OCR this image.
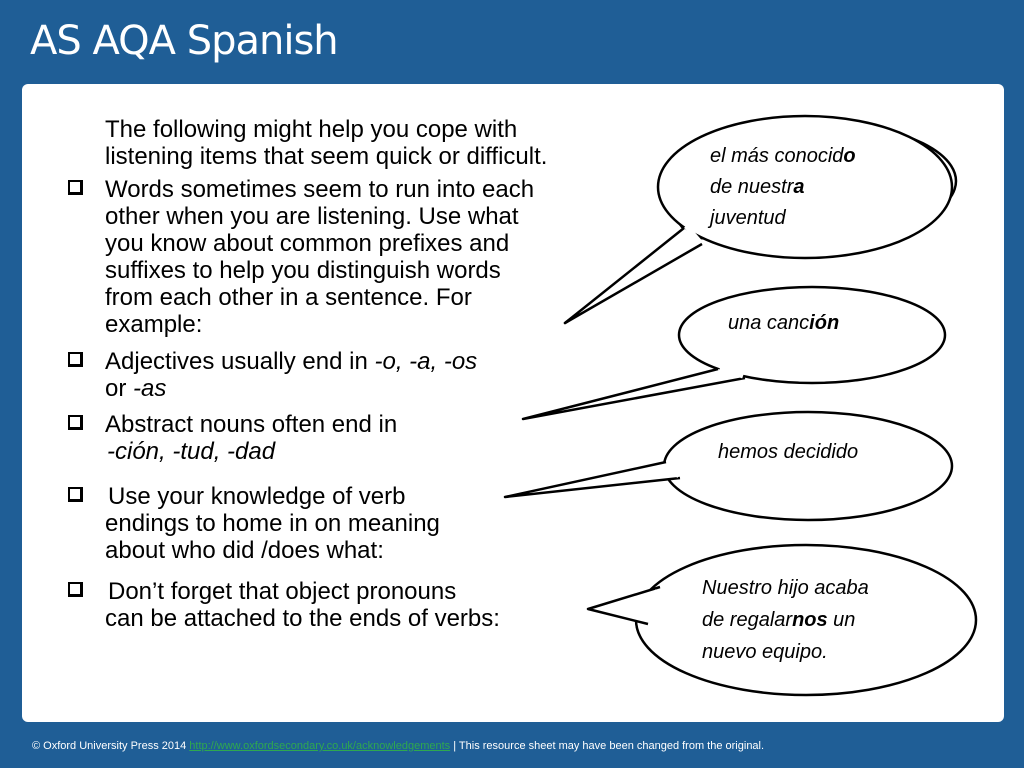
AS AQA Spanish
The following might help you cope with
listening items that seem quick or difficult.
Words sometimes seem to run into each
other when you are listening. Use what
you know about common prefixes and
suffixes to help you distinguish words
from each other in a sentence. For
example:
Adjectives usually end in -o, -a, -os
or -as
Abstract nouns often end in
-ción, -tud, -dad
Use your knowledge of verb
endings to home in on meaning
about who did /does what:
Don’t forget that object pronouns
can be attached to the ends of verbs:
el más conocido
de nuestra
juventud
una canción
hemos decidido
Nuestro hijo acaba
de regalarnos un
nuevo equipo.
© Oxford University Press 2014 http://www.oxfordsecondary.co.uk/acknowledgements | This resource sheet may have been changed from the original.
